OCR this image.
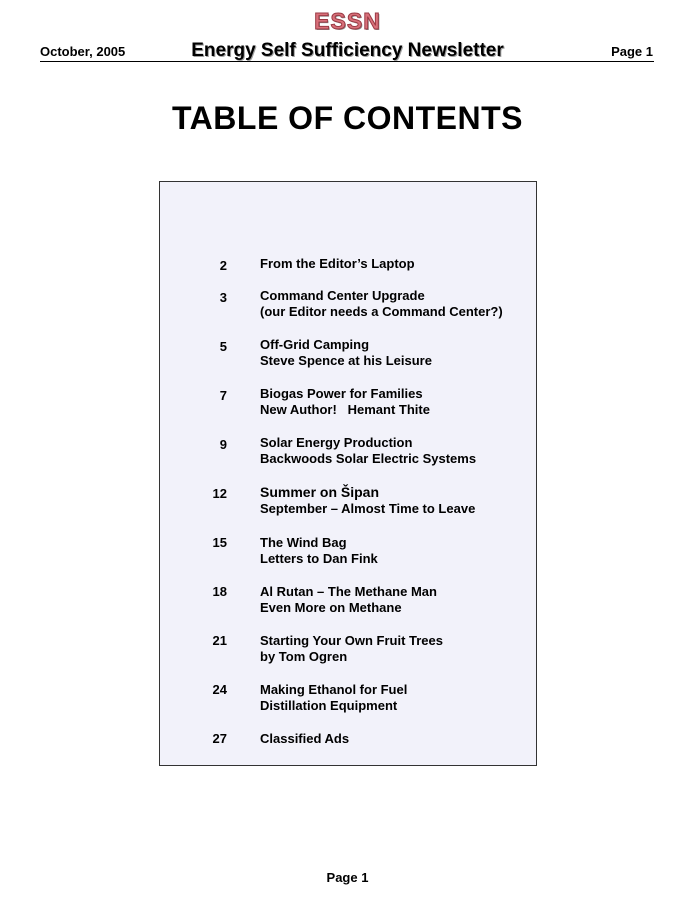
ESSN
October, 2005	Energy Self Sufficiency Newsletter	Page 1
TABLE OF CONTENTS
2	From the Editor’s Laptop
3	Command Center Upgrade
(our Editor needs a Command Center?)
5	Off-Grid Camping
Steve Spence at his Leisure
7	Biogas Power for Families
New Author!   Hemant Thite
9	Solar Energy Production
Backwoods Solar Electric Systems
12 Summer on Šipan
September – Almost Time to Leave
15	The Wind Bag
Letters to Dan Fink
18	Al Rutan – The Methane Man
Even More on Methane
21	Starting Your Own Fruit Trees
by Tom Ogren
24	Making Ethanol for Fuel
Distillation Equipment
27	Classified Ads
Page 1
